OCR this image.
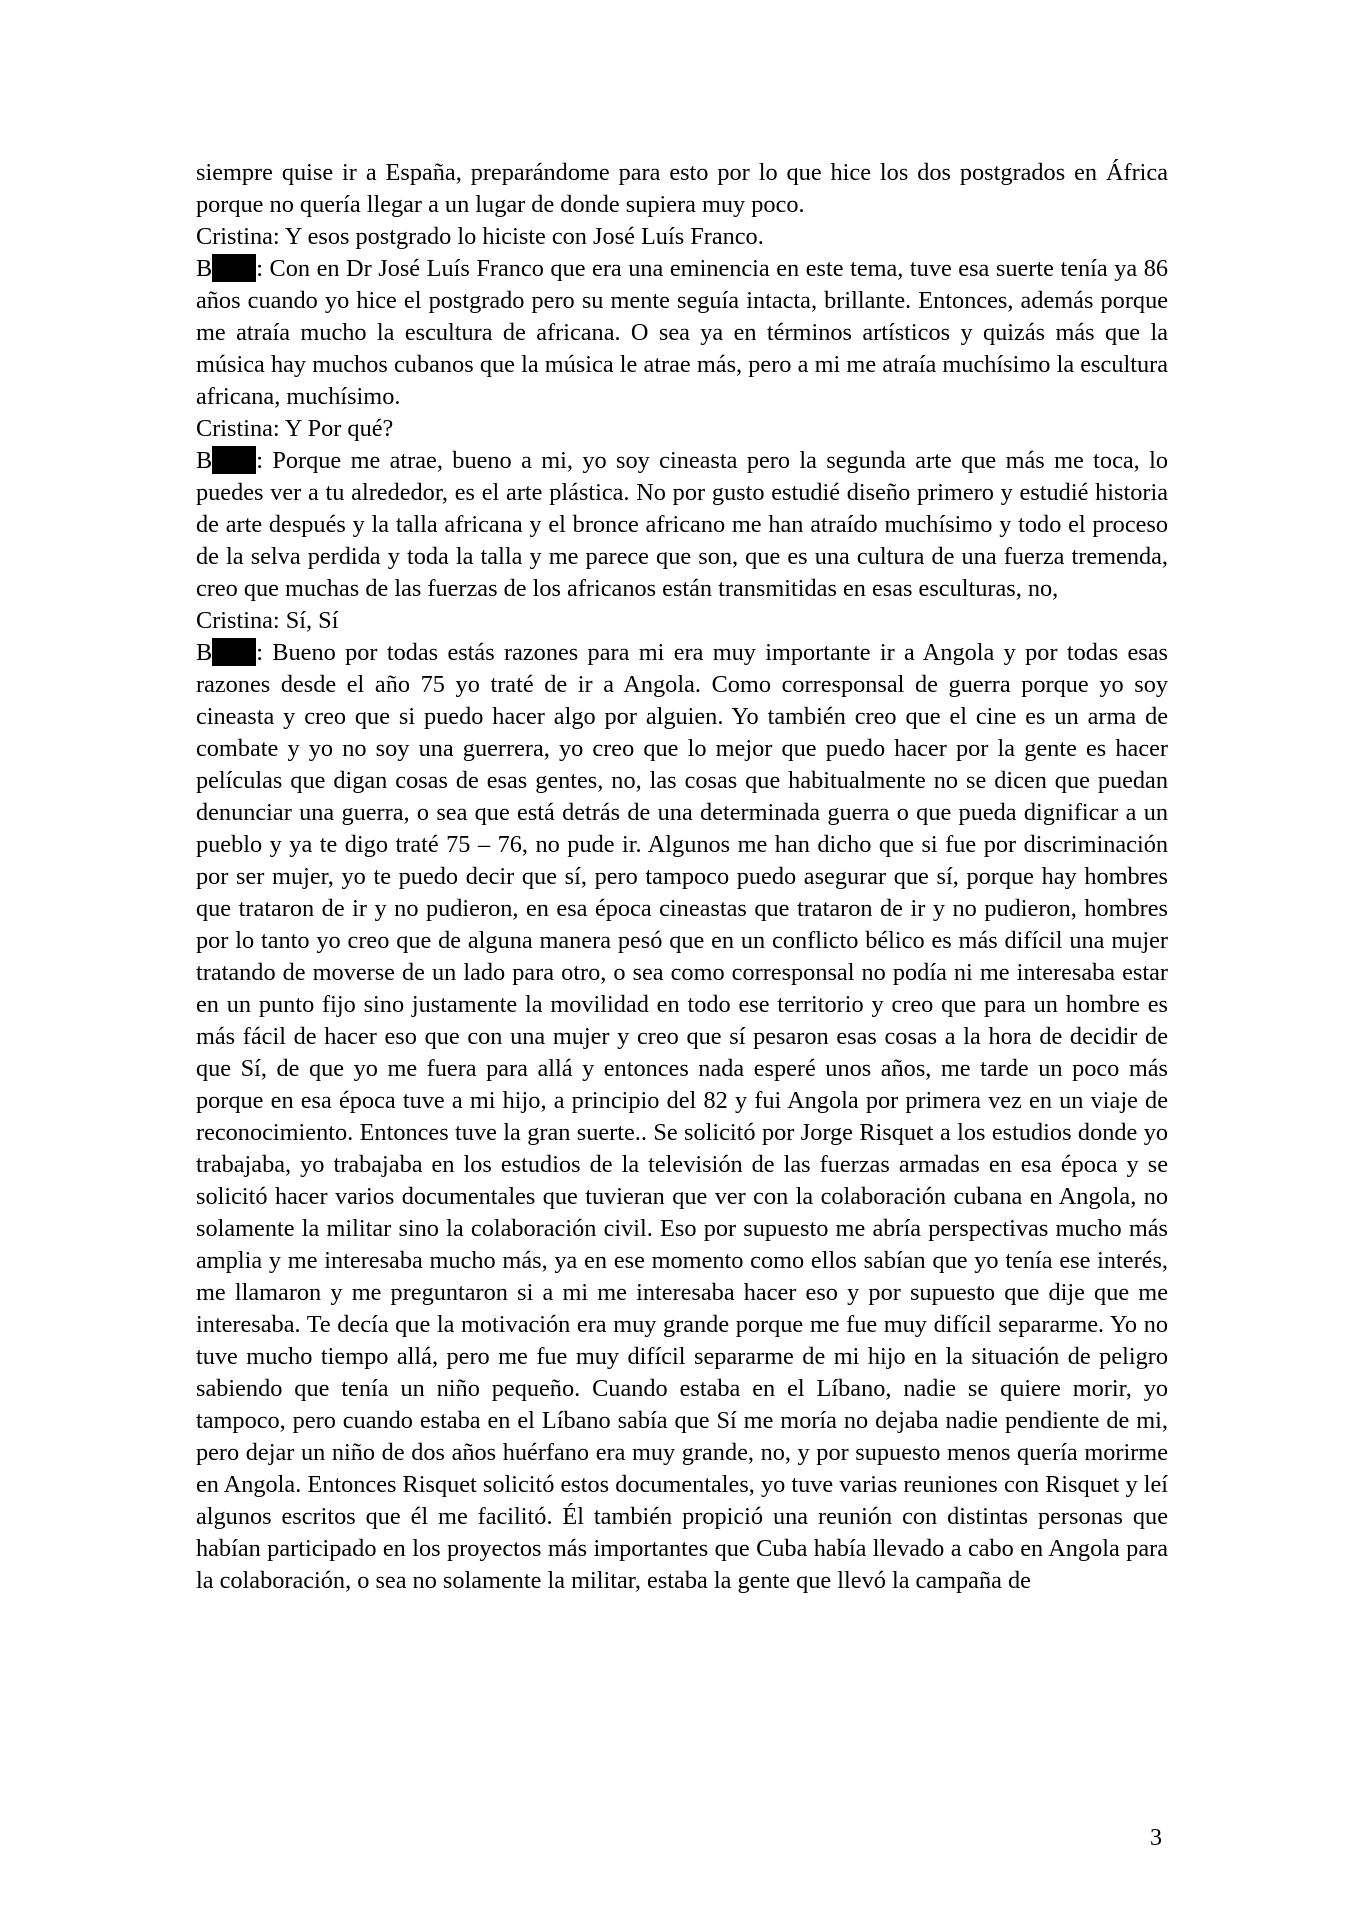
siempre quise ir a España, preparándome para esto por lo que hice los dos postgrados en África porque no quería llegar a un lugar de donde supiera muy poco.

Cristina: Y esos postgrado lo hiciste con José Luís Franco.

B : Con en Dr José Luís Franco que era una eminencia en este tema, tuve esa suerte tenía ya 86 años cuando yo hice el postgrado pero su mente seguía intacta, brillante. Entonces, además porque me atraía mucho la escultura de africana. O sea ya en términos artísticos y quizás más que la música hay muchos cubanos que la música le atrae más, pero a mi me atraía muchísimo la escultura africana, muchísimo.

Cristina: Y Por qué?

B : Porque me atrae, bueno a mi, yo soy cineasta pero la segunda arte que más me toca, lo puedes ver a tu alrededor, es el arte plástica. No por gusto estudié diseño primero y estudié historia de arte después y la talla africana y el bronce africano me han atraído muchísimo y todo el proceso de la selva perdida y toda la talla y me parece que son, que es una cultura de una fuerza tremenda, creo que muchas de las fuerzas de los africanos están transmitidas en esas esculturas, no,

Cristina: Sí, Sí

B : Bueno por todas estás razones para mi era muy importante ir a Angola y por todas esas razones desde el año 75 yo traté de ir a Angola. Como corresponsal de guerra porque yo soy cineasta y creo que si puedo hacer algo por alguien. Yo también creo que el cine es un arma de combate y yo no soy una guerrera, yo creo que lo mejor que puedo hacer por la gente es hacer películas que digan cosas de esas gentes, no, las cosas que habitualmente no se dicen que puedan denunciar una guerra, o sea que está detrás de una determinada guerra o que pueda dignificar a un pueblo y ya te digo traté 75 – 76, no pude ir. Algunos me han dicho que si fue por discriminación por ser mujer, yo te puedo decir que sí, pero tampoco puedo asegurar que sí, porque hay hombres que trataron de ir y no pudieron, en esa época cineastas que trataron de ir y no pudieron, hombres por lo tanto yo creo que de alguna manera pesó que en un conflicto bélico es más difícil una mujer tratando de moverse de un lado para otro, o sea como corresponsal no podía ni me interesaba estar en un punto fijo sino justamente la movilidad en todo ese territorio y creo que para un hombre es más fácil de hacer eso que con una mujer y creo que sí pesaron esas cosas a la hora de decidir de que Sí, de que yo me fuera para allá y entonces nada esperé unos años, me tarde un poco más porque en esa época tuve a mi hijo, a principio del 82 y fui Angola por primera vez en un viaje de reconocimiento. Entonces tuve la gran suerte.. Se solicitó por Jorge Risquet a los estudios donde yo trabajaba, yo trabajaba en los estudios de la televisión de las fuerzas armadas en esa época y se solicitó hacer varios documentales que tuvieran que ver con la colaboración cubana en Angola, no solamente la militar sino la colaboración civil. Eso por supuesto me abría perspectivas mucho más amplia y me interesaba mucho más, ya en ese momento como ellos sabían que yo tenía ese interés, me llamaron y me preguntaron si a mi me interesaba hacer eso y por supuesto que dije que me interesaba. Te decía que la motivación era muy grande porque me fue muy difícil separarme. Yo no tuve mucho tiempo allá, pero me fue muy difícil separarme de mi hijo en la situación de peligro sabiendo que tenía un niño pequeño. Cuando estaba en el Líbano, nadie se quiere morir, yo tampoco, pero cuando estaba en el Líbano sabía que Sí me moría no dejaba nadie pendiente de mi, pero dejar un niño de dos años huérfano era muy grande, no, y por supuesto menos quería morirme en Angola. Entonces Risquet solicitó estos documentales, yo tuve varias reuniones con Risquet y leí algunos escritos que él me facilitó. Él también propició una reunión con distintas personas que habían participado en los proyectos más importantes que Cuba había llevado a cabo en Angola para la colaboración, o sea no solamente la militar, estaba la gente que llevó la campaña de

3
